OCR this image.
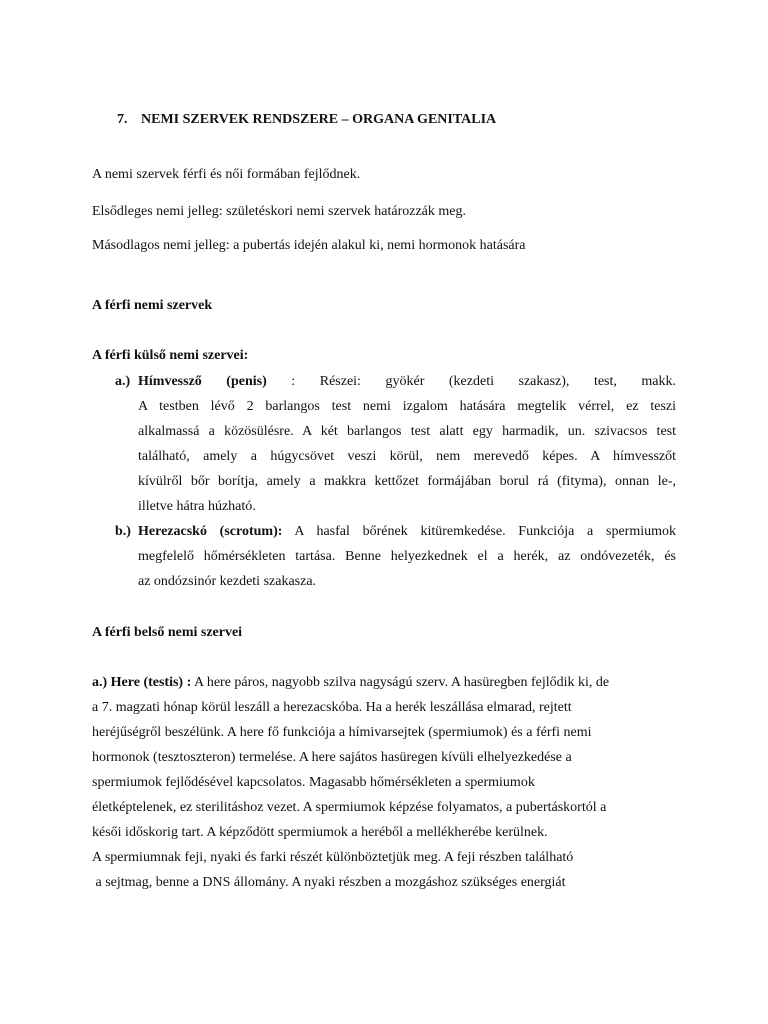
7. NEMI SZERVEK RENDSZERE – ORGANA GENITALIA
A nemi szervek férfi és női formában fejlődnek.
Elsődleges nemi jelleg: születéskori nemi szervek határozzák meg.
Másodlagos nemi jelleg: a pubertás idején alakul ki, nemi hormonok hatására
A férfi nemi szervek
A férfi külső nemi szervei:
a.) Hímvessző (penis) : Részei: gyökér (kezdeti szakasz), test, makk.
A testben lévő 2 barlangos test nemi izgalom hatására megtelik vérrel, ez teszi
alkalmassá a közösülésre. A két barlangos test alatt egy harmadik, un. szivacsos test
található, amely a húgycsövet veszi körül, nem merevedő képes. A hímvesszőt
kívülről bőr borítja, amely a makkra kettőzet formájában borul rá (fityma), onnan le-,
illetve hátra húzható.
b.) Herezacskó (scrotum): A hasfal bőrének kitüremkedése. Funkciója a spermiumok
megfelelő hőmérsékleten tartása. Benne helyezkednek el a herék, az ondóvezeték, és
az ondózsinór kezdeti szakasza.
A férfi belső nemi szervei
a.) Here (testis) : A here páros, nagyobb szilva nagyságú szerv. A hasüregben fejlődik ki, de
a 7. magzati hónap körül leszáll a herezacskóba. Ha a herék leszállása elmarad, rejtett
heréjűségről beszélünk. A here fő funkciója a hímivarsejtek (spermiumok) és a férfi nemi
hormonok (tesztoszteron) termelése. A here sajátos hasüregen kívüli elhelyezkedése a
spermiumok fejlődésével kapcsolatos. Magasabb hőmérsékleten a spermiumok
életképtelenek, ez sterilitáshoz vezet. A spermiumok képzése folyamatos, a pubertáskortól a
késői időskorig tart. A képződött spermiumok a heréből a mellékherébe kerülnek.
A spermiumnak feji, nyaki és farki részét különböztetjük meg. A feji részben található
a sejtmag, benne a DNS állomány. A nyaki részben a mozgáshoz szükséges energiát
